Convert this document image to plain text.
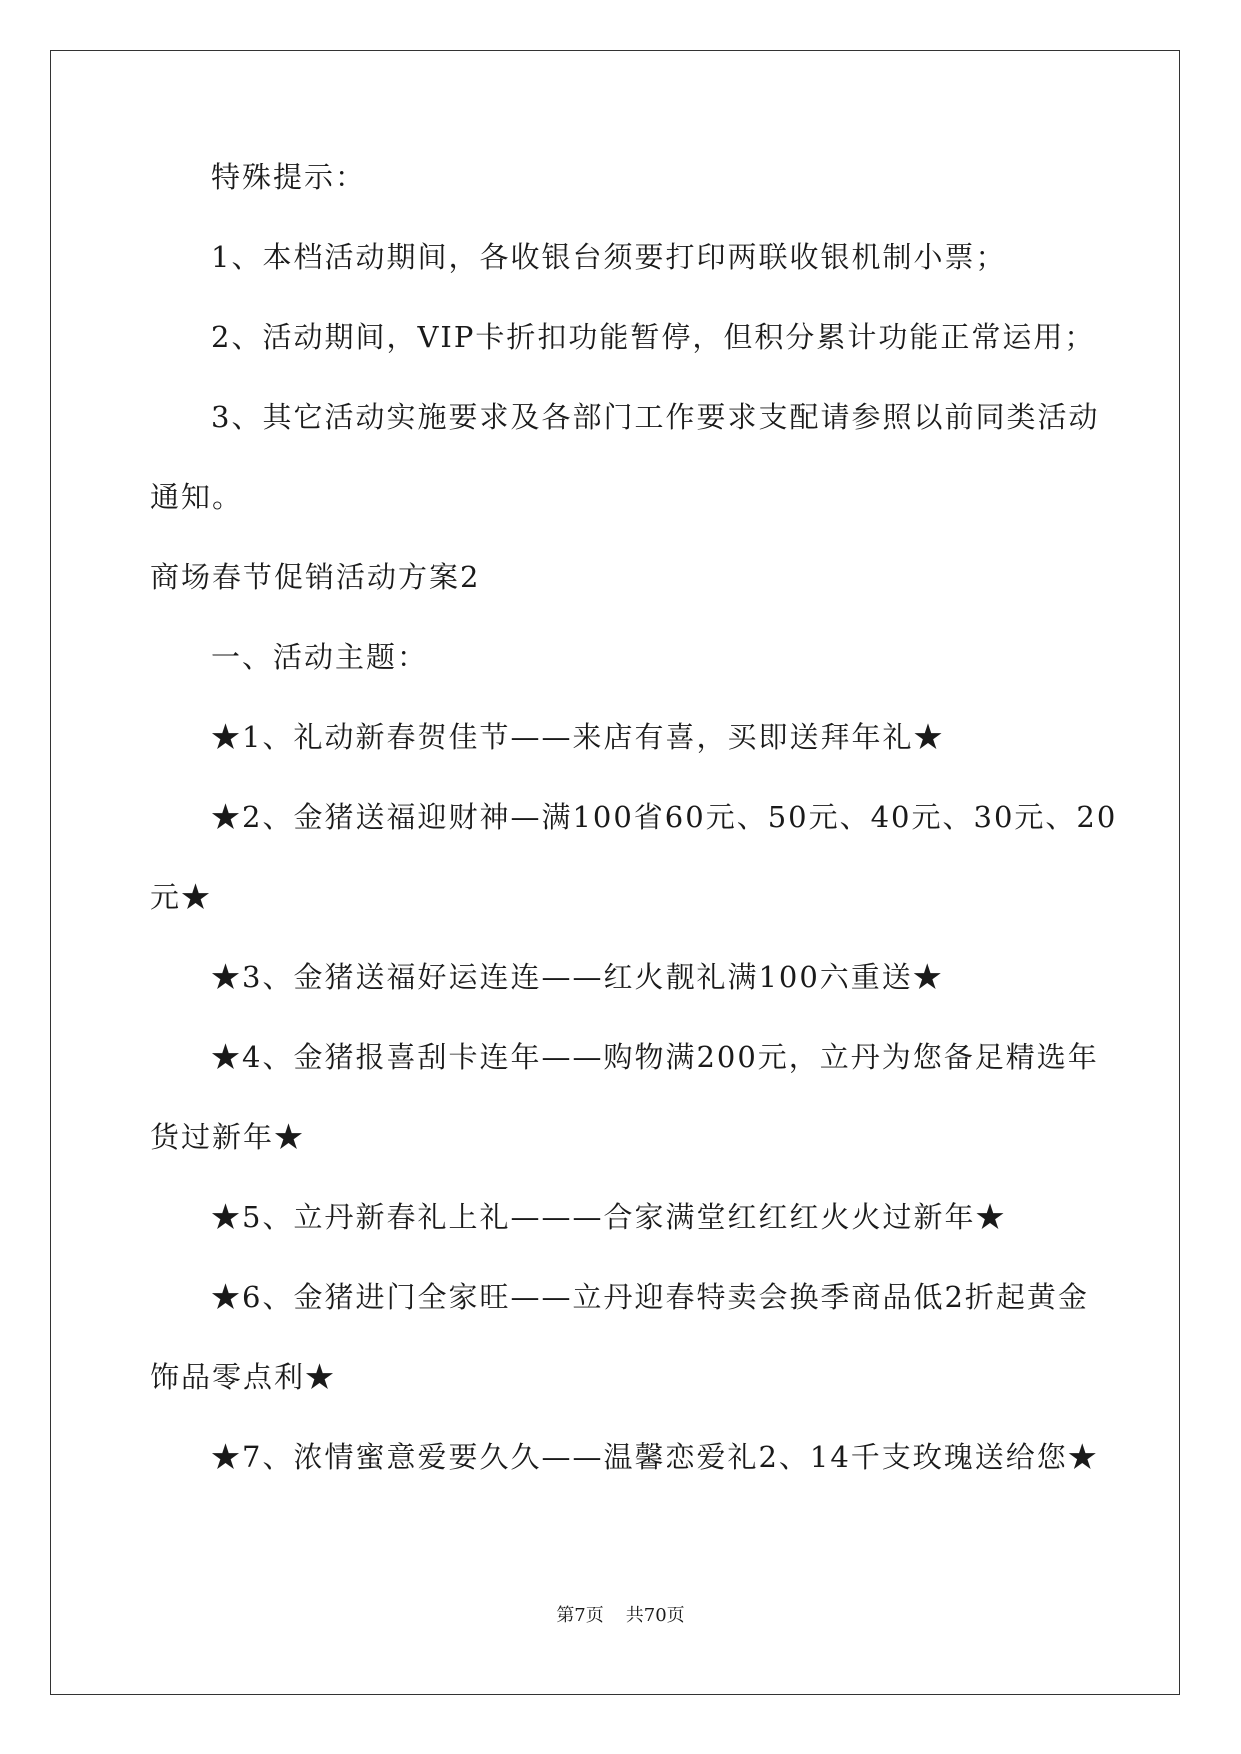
特殊提示：
1、本档活动期间，各收银台须要打印两联收银机制小票；
2、活动期间，VIP卡折扣功能暂停，但积分累计功能正常运用；
3、其它活动实施要求及各部门工作要求支配请参照以前同类活动
通知。
商场春节促销活动方案2
一、活动主题：
★1、礼动新春贺佳节——来店有喜，买即送拜年礼★
★2、金猪送福迎财神—满100省60元、50元、40元、30元、20
元★
★3、金猪送福好运连连——红火靓礼满100六重送★
★4、金猪报喜刮卡连年——购物满200元，立丹为您备足精选年
货过新年★
★5、立丹新春礼上礼———合家满堂红红红火火过新年★
★6、金猪进门全家旺——立丹迎春特卖会换季商品低2折起黄金
饰品零点利★
★7、浓情蜜意爱要久久——温馨恋爱礼2、14千支玫瑰送给您★
第7页 共70页
